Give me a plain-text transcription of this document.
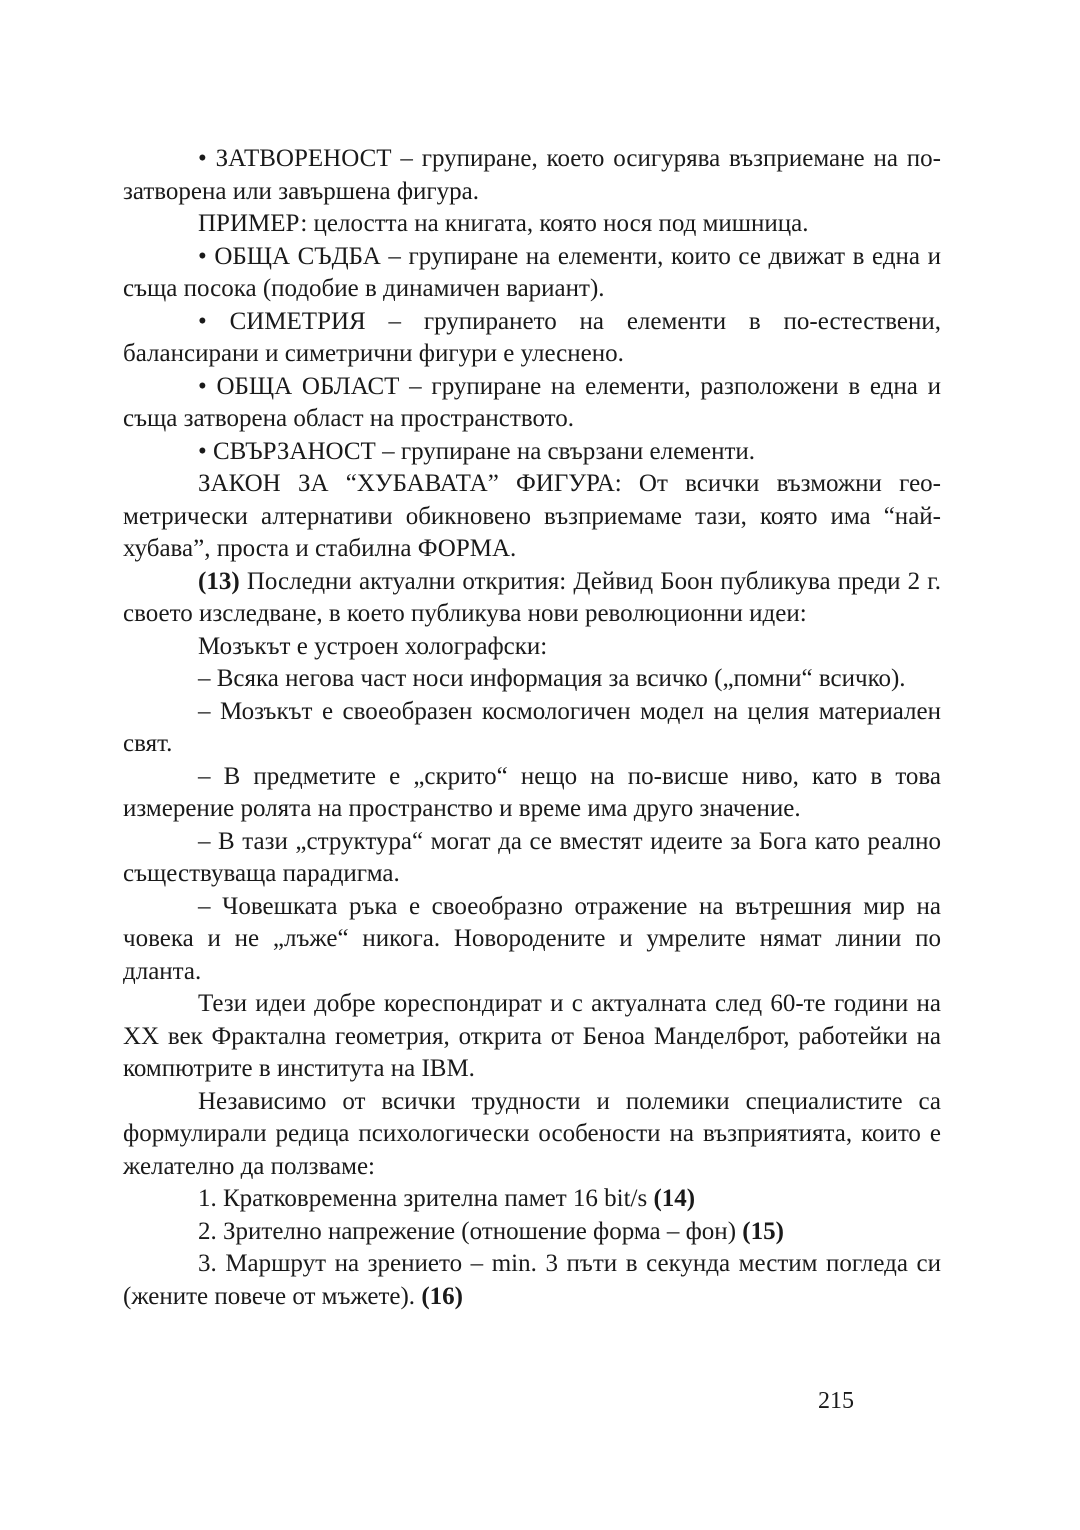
• ЗАТВОРЕНОСТ – групиране, което осигурява възприемане на по-затворена или завършена фигура.

ПРИМЕР: целостта на книгата, която нося под мишница.

• ОБЩА СЪДБА – групиране на елементи, които се движат в една и съща посока (подобие в динамичен вариант).

• СИМЕТРИЯ – групирането на елементи в по-естествени, балансирани и симетрични фигури е улеснено.

• ОБЩА ОБЛАСТ – групиране на елементи, разположени в една и съща затворена област на пространството.

• СВЪРЗАНОСТ – групиране на свързани елементи.

ЗАКОН ЗА “ХУБАВАТА” ФИГУРА: От всички възможни геометрически алтернативи обикновено възприемаме тази, която има “най-хубава”, проста и стабилна ФОРМА.

(13) Последни актуални открития: Дейвид Боон публикува преди 2 г. своето изследване, в което публикува нови революционни идеи:

Мозъкът е устроен холографски:

– Всяка негова част носи информация за всичко („помни“ всичко).

– Мозъкът е своеобразен космологичен модел на целия материален свят.

– В предметите е „скрито“ нещо на по-висше ниво, като в това измерение ролята на пространство и време има друго значение.

– В тази „структура“ могат да се вместят идеите за Бога като реално съществуваща парадигма.

– Човешката ръка е своеобразно отражение на вътрешния мир на човека и не „лъже“ никога. Новородените и умрелите нямат линии по дланта.

Тези идеи добре кореспондират и с актуалната след 60-те години на XX век Фрактална геометрия, открита от Беноа Манделброт, работейки на компютрите в института на IBM.

Независимо от всички трудности и полемики специалистите са формулирали редица психологически особености на възприятията, които е желателно да ползваме:

1. Кратковременна зрителна памет 16 bit/s (14)

2. Зрително напрежение (отношение форма – фон) (15)

3. Маршрут на зрението – min. 3 пъти в секунда местим погледа си (жените повече от мъжете). (16)

215
